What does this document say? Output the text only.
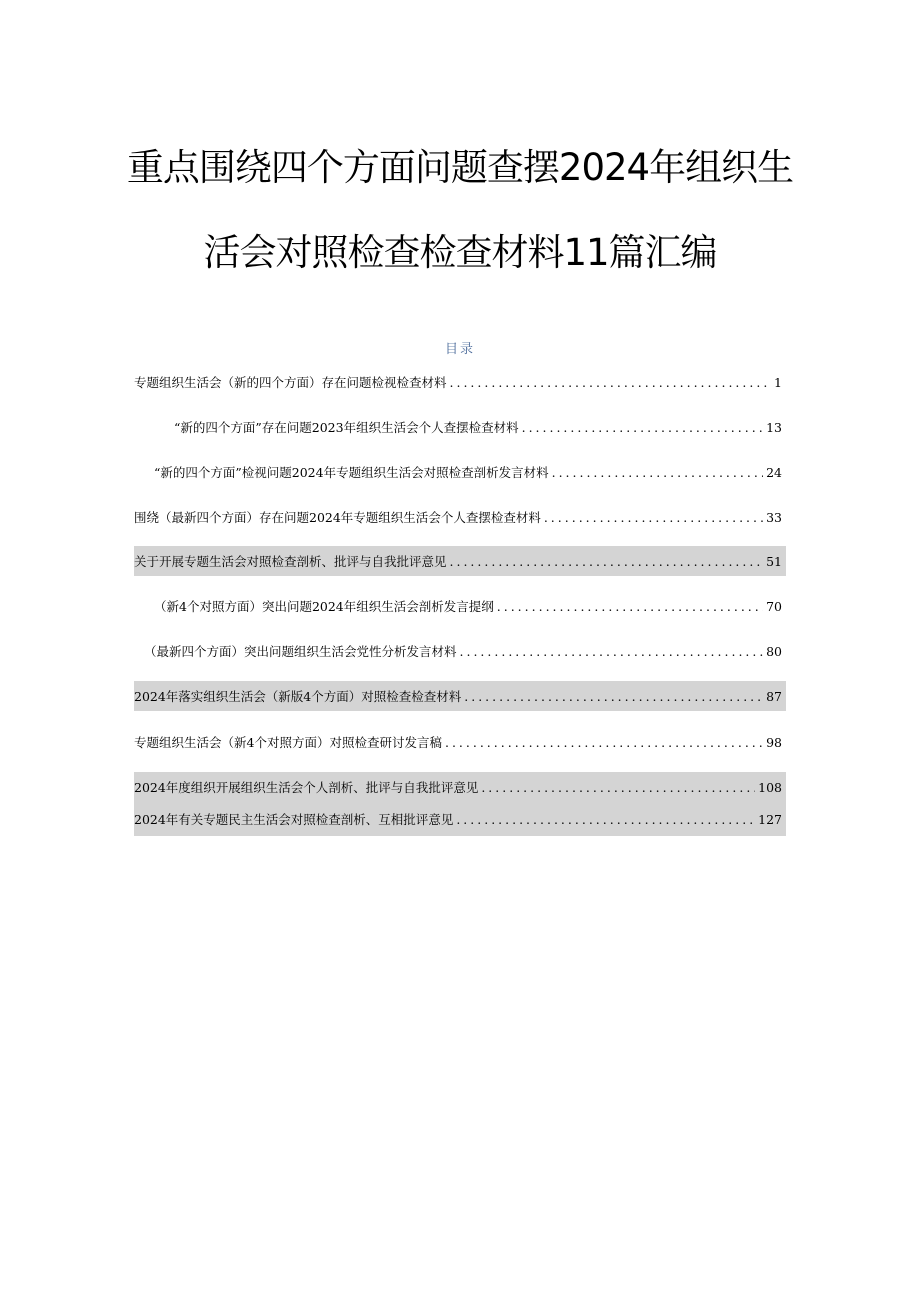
重点围绕四个方面问题查摆2024年组织生
活会对照检查检查材料11篇汇编
目录
专题组织生活会（新的四个方面）存在问题检视检查材料 .....	1
“新的四个方面”存在问题2023年组织生活会个人查摆检查材料 .....	13
“新的四个方面”检视问题2024年专题组织生活会对照检查剖析发言材料 .....	24
围绕（最新四个方面）存在问题2024年专题组织生活会个人查摆检查材料 .....	33
关于开展专题生活会对照检查剖析、批评与自我批评意见 .....	51
（新4个对照方面）突出问题2024年组织生活会剖析发言提纲 .....	70
（最新四个方面）突出问题组织生活会党性分析发言材料 .....	80
2024年落实组织生活会（新版4个方面）对照检查检查材料 .....	87
专题组织生活会（新4个对照方面）对照检查研讨发言稿 .....	98
2024年度组织开展组织生活会个人剖析、批评与自我批评意见 .....	108
2024年有关专题民主生活会对照检查剖析、互相批评意见 .....	127
